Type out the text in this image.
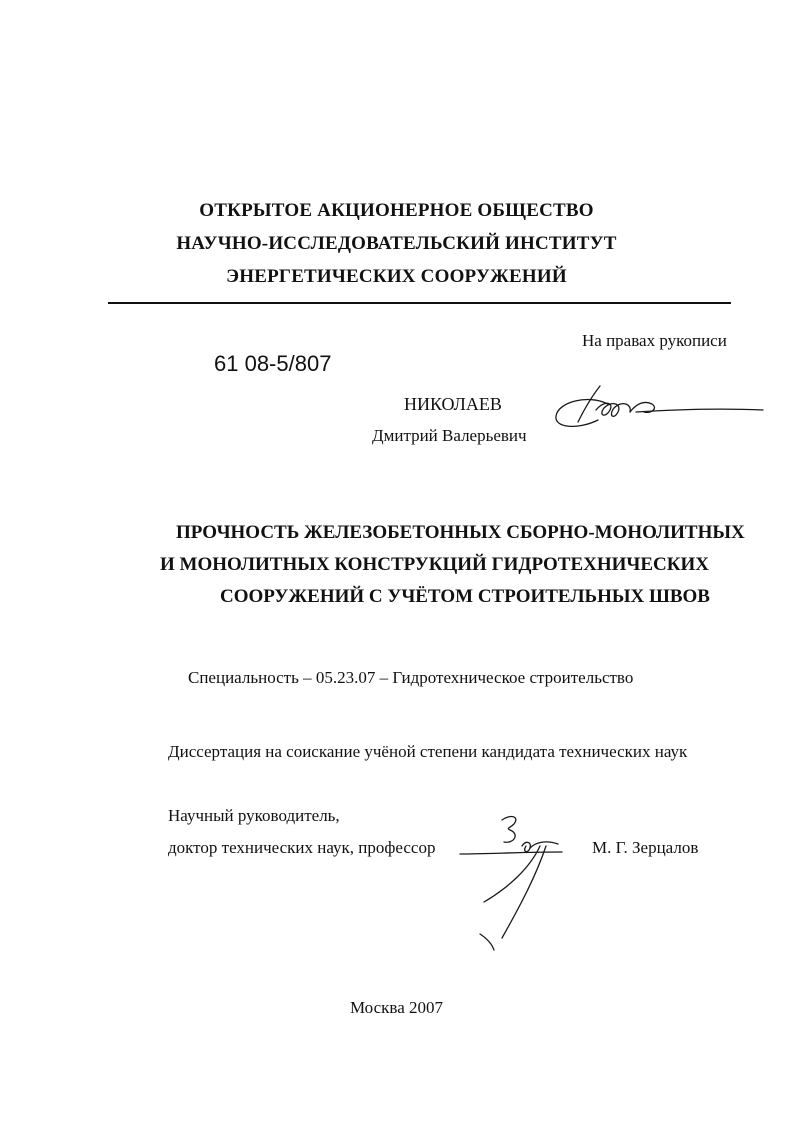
ОТКРЫТОЕ АКЦИОНЕРНОЕ ОБЩЕСТВО
НАУЧНО-ИССЛЕДОВАТЕЛЬСКИЙ ИНСТИТУТ
ЭНЕРГЕТИЧЕСКИХ СООРУЖЕНИЙ
На правах рукописи
61 08-5/807
НИКОЛАЕВ
Дмитрий Валерьевич
ПРОЧНОСТЬ ЖЕЛЕЗОБЕТОННЫХ СБОРНО-МОНОЛИТНЫХ
И МОНОЛИТНЫХ КОНСТРУКЦИЙ ГИДРОТЕХНИЧЕСКИХ
СООРУЖЕНИЙ С УЧЁТОМ СТРОИТЕЛЬНЫХ ШВОВ
Специальность – 05.23.07 – Гидротехническое строительство
Диссертация на соискание учёной степени кандидата технических наук
Научный руководитель,
доктор технических наук, профессор	М. Г. Зерцалов
Москва 2007
